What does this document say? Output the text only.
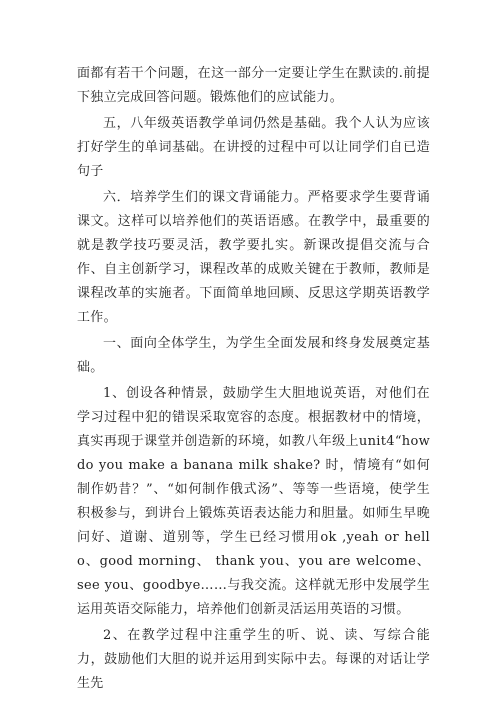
面都有若干个问题，在这一部分一定要让学生在默读的.前提下独立完成回答问题。锻炼他们的应试能力。

五，八年级英语教学单词仍然是基础。我个人认为应该打好学生的单词基础。在讲授的过程中可以让同学们自已造句子

六．培养学生们的课文背诵能力。严格要求学生要背诵课文。这样可以培养他们的英语语感。在教学中，最重要的就是教学技巧要灵活，教学要扎实。新课改提倡交流与合作、自主创新学习，课程改革的成败关键在于教师，教师是课程改革的实施者。下面简单地回顾、反思这学期英语教学工作。

一、面向全体学生，为学生全面发展和终身发展奠定基础。

1、创设各种情景，鼓励学生大胆地说英语，对他们在学习过程中犯的错误采取宽容的态度。根据教材中的情境，真实再现于课堂并创造新的环境，如教八年级上unit4“how do you make a banana milk shake? 时，情境有“如何制作奶昔？”、“如何制作俄式汤”、等等一些语境，使学生积极参与，到讲台上锻炼英语表达能力和胆量。如师生早晚问好、道谢、道别等，学生已经习惯用ok ,yeah or hello、good morning、 thank you、you are welcome、 see you、goodbye……与我交流。这样就无形中发展学生运用英语交际能力，培养他们创新灵活运用英语的习惯。

2、在教学过程中注重学生的听、说、读、写综合能力，鼓励他们大胆的说并运用到实际中去。每课的对话让学生先
